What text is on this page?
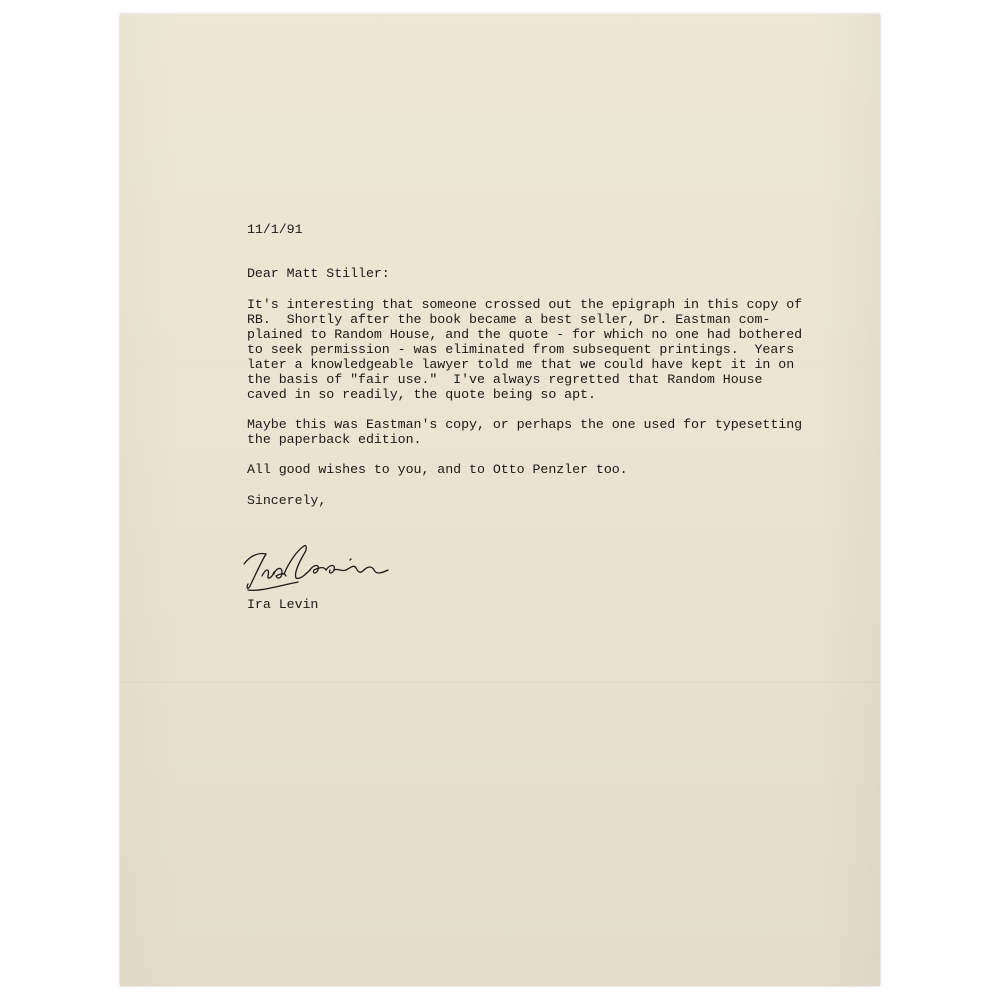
11/1/91

Dear Matt Stiller:

It's interesting that someone crossed out the epigraph in this copy of
RB.  Shortly after the book became a best seller, Dr. Eastman com-
plained to Random House, and the quote - for which no one had bothered
to seek permission - was eliminated from subsequent printings.  Years
later a knowledgeable lawyer told me that we could have kept it in on
the basis of "fair use."  I've always regretted that Random House
caved in so readily, the quote being so apt.

Maybe this was Eastman's copy, or perhaps the one used for typesetting
the paperback edition.

All good wishes to you, and to Otto Penzler too.

Sincerely,

Ira Levin
